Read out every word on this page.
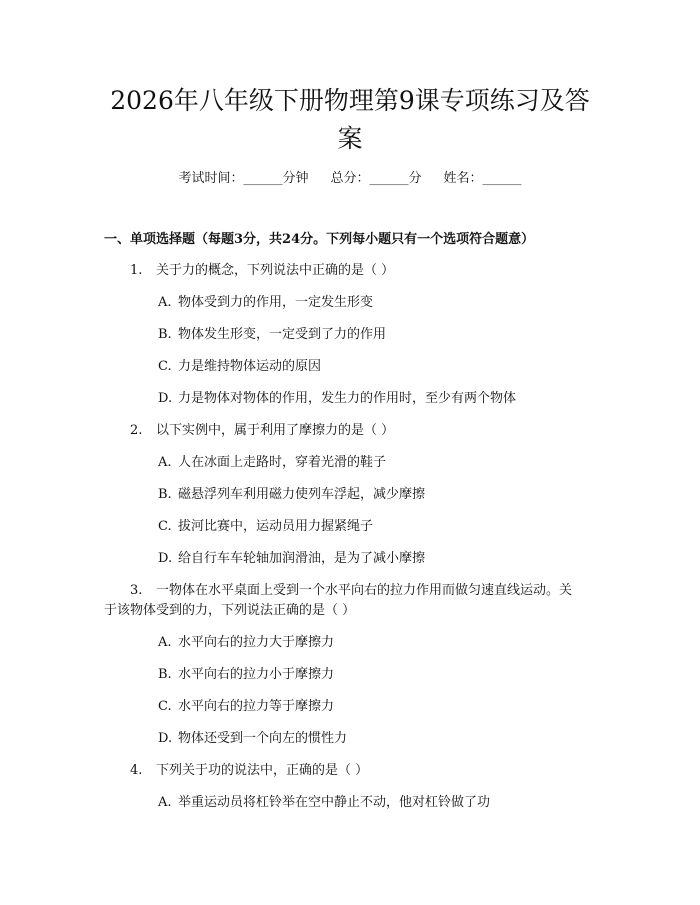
2026年八年级下册物理第9课专项练习及答
案
考试时间：______分钟 总分：______分 姓名：______
一、单项选择题（每题3分，共24分。下列每小题只有一个选项符合题意）
1. 关于力的概念，下列说法中正确的是（ ）
A. 物体受到力的作用，一定发生形变
B. 物体发生形变，一定受到了力的作用
C. 力是维持物体运动的原因
D. 力是物体对物体的作用，发生力的作用时，至少有两个物体
2. 以下实例中，属于利用了摩擦力的是（ ）
A. 人在冰面上走路时，穿着光滑的鞋子
B. 磁悬浮列车利用磁力使列车浮起，减少摩擦
C. 拔河比赛中，运动员用力握紧绳子
D. 给自行车车轮轴加润滑油，是为了减小摩擦
3. 一物体在水平桌面上受到一个水平向右的拉力作用而做匀速直线运动。关
于该物体受到的力，下列说法正确的是（ ）
A. 水平向右的拉力大于摩擦力
B. 水平向右的拉力小于摩擦力
C. 水平向右的拉力等于摩擦力
D. 物体还受到一个向左的惯性力
4. 下列关于功的说法中，正确的是（ ）
A. 举重运动员将杠铃举在空中静止不动，他对杠铃做了功
